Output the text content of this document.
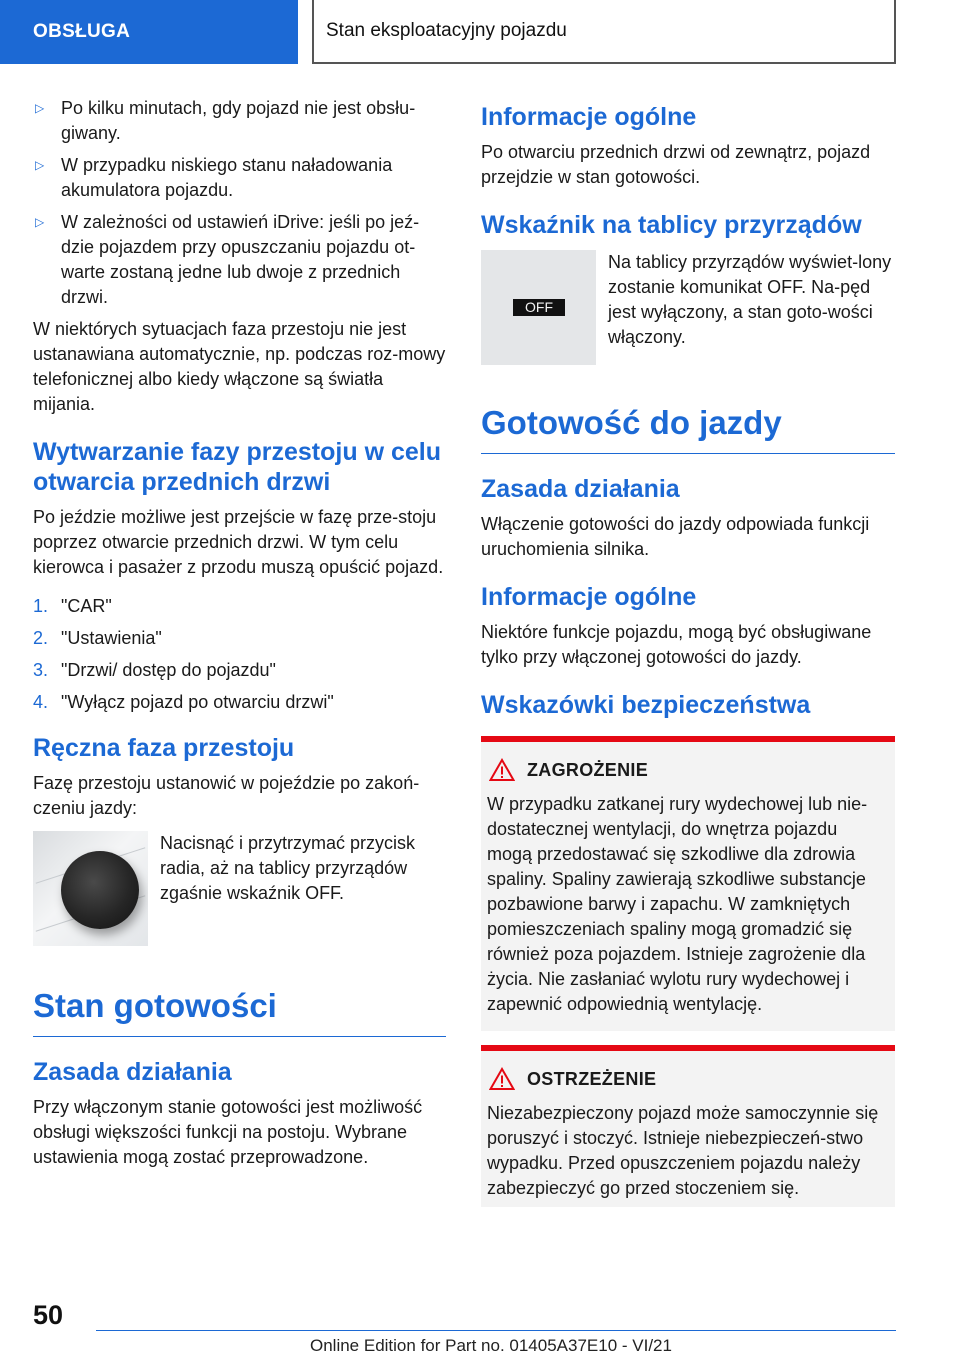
OBSŁUGA	Stan eksploatacyjny pojazdu
▷ Po kilku minutach, gdy pojazd nie jest obsłu-giwany.
▷ W przypadku niskiego stanu naładowania akumulatora pojazdu.
▷ W zależności od ustawień iDrive: jeśli po jeź-dzie pojazdem przy opuszczaniu pojazdu ot-warte zostaną jedne lub dwoje z przednich drzwi.

W niektórych sytuacjach faza przestoju nie jest ustanawiana automatycznie, np. podczas roz-mowy telefonicznej albo kiedy włączone są światła mijania.

Wytwarzanie fazy przestoju w celu otwarcia przednich drzwi

Po jeździe możliwe jest przejście w fazę prze-stoju poprzez otwarcie przednich drzwi. W tym celu kierowca i pasażer z przodu muszą opuścić pojazd.

1. "CAR"
2. "Ustawienia"
3. "Drzwi/ dostęp do pojazdu"
4. "Wyłącz pojazd po otwarciu drzwi"
Ręczna faza przestoju

Fazę przestoju ustanowić w pojeździe po zakoń-czeniu jazdy:

Nacisnąć i przytrzymać przycisk radia, aż na tablicy przyrządów zgaśnie wskaźnik OFF.

Stan gotowości
Zasada działania

Przy włączonym stanie gotowości jest możliwość obsługi większości funkcji na postoju. Wybrane ustawienia mogą zostać przeprowadzone.

Informacje ogólne

Po otwarciu przednich drzwi od zewnątrz, pojazd przejdzie w stan gotowości.

Wskaźnik na tablicy przyrządów
OFF

Na tablicy przyrządów wyświet-lony zostanie komunikat OFF. Na-pęd jest wyłączony, a stan goto-wości włączony.

Gotowość do jazdy
Zasada działania

Włączenie gotowości do jazdy odpowiada funkcji uruchomienia silnika.

Informacje ogólne

Niektóre funkcje pojazdu, mogą być obsługiwane tylko przy włączonej gotowości do jazdy.

Wskazówki bezpieczeństwa
ZAGROŻENIE

W przypadku zatkanej rury wydechowej lub nie-dostatecznej wentylacji, do wnętrza pojazdu mogą przedostawać się szkodliwe dla zdrowia spaliny. Spaliny zawierają szkodliwe substancje pozbawione barwy i zapachu. W zamkniętych pomieszczeniach spaliny mogą gromadzić się również poza pojazdem. Istnieje zagrożenie dla życia. Nie zasłaniać wylotu rury wydechowej i zapewnić odpowiednią wentylację.

OSTRZEŻENIE

Niezabezpieczony pojazd może samoczynnie się poruszyć i stoczyć. Istnieje niebezpieczeń-stwo wypadku. Przed opuszczeniem pojazdu należy zabezpieczyć go przed stoczeniem się.

50
Online Edition for Part no. 01405A37E10 - VI/21
